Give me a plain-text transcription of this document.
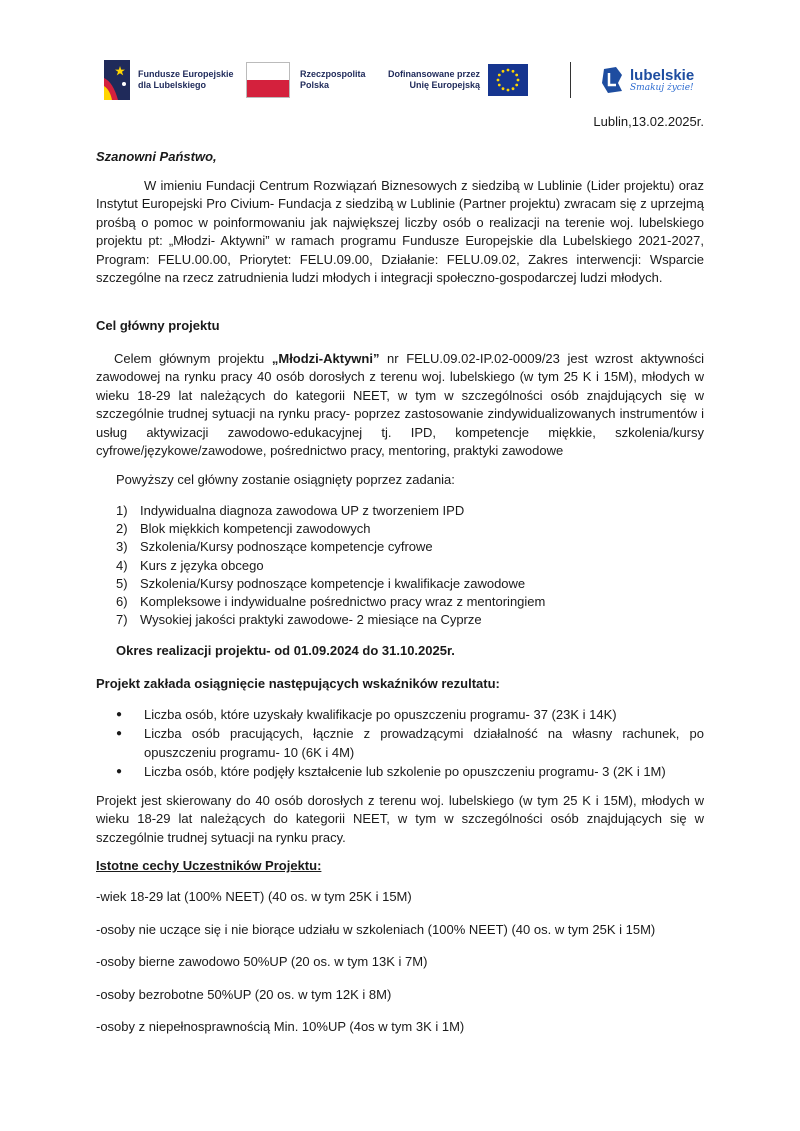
Fundusze Europejskie
dla Lubelskiego
Rzeczpospolita
Polska
Dofinansowane przez
Unię Europejską
lubelskie
Smakuj życie!
Lublin,13.02.2025r.
Szanowni Państwo,

W imieniu Fundacji Centrum Rozwiązań Biznesowych z siedzibą w Lublinie (Lider projektu) oraz Instytut Europejski Pro Civium- Fundacja z siedzibą w Lublinie (Partner projektu) zwracam się z uprzejmą prośbą o pomoc w poinformowaniu jak największej liczby osób o realizacji na terenie woj. lubelskiego projektu pt: „Młodzi- Aktywni” w ramach programu Fundusze Europejskie dla Lubelskiego 2021-2027, Program: FELU.00.00, Priorytet: FELU.09.00, Działanie: FELU.09.02, Zakres interwencji: Wsparcie szczególne na rzecz zatrudnienia ludzi młodych i integracji społeczno-gospodarczej ludzi młodych.

Cel główny projektu

Celem głównym projektu „Młodzi-Aktywni” nr FELU.09.02-IP.02-0009/23 jest wzrost aktywności zawodowej na rynku pracy 40 osób dorosłych z terenu woj. lubelskiego (w tym 25 K i 15M), młodych w wieku 18-29 lat należących do kategorii NEET, w tym w szczególności osób znajdujących się w szczególnie trudnej sytuacji na rynku pracy- poprzez zastosowanie zindywidualizowanych instrumentów i usług aktywizacji zawodowo-edukacyjnej tj. IPD, kompetencje miękkie, szkolenia/kursy cyfrowe/językowe/zawodowe, pośrednictwo pracy, mentoring, praktyki zawodowe

Powyższy cel główny zostanie osiągnięty poprzez zadania:
1) Indywidualna diagnoza zawodowa UP z tworzeniem IPD
2) Blok miękkich kompetencji zawodowych
3) Szkolenia/Kursy podnoszące kompetencje cyfrowe
4) Kurs z języka obcego
5) Szkolenia/Kursy podnoszące kompetencje i kwalifikacje zawodowe
6) Kompleksowe i indywidualne pośrednictwo pracy wraz z mentoringiem
7) Wysokiej jakości praktyki zawodowe- 2 miesiące na Cyprze
Okres realizacji projektu- od 01.09.2024 do 31.10.2025r.
Projekt zakłada osiągnięcie następujących wskaźników rezultatu:
●	Liczba osób, które uzyskały kwalifikacje po opuszczeniu programu- 37 (23K i 14K)
●	Liczba osób pracujących, łącznie z prowadzącymi działalność na własny rachunek, po opuszczeniu programu- 10 (6K i 4M)
●	Liczba osób, które podjęły kształcenie lub szkolenie po opuszczeniu programu- 3 (2K i 1M)

Projekt jest skierowany do 40 osób dorosłych z terenu woj. lubelskiego (w tym 25 K i 15M), młodych w wieku 18-29 lat należących do kategorii NEET, w tym w szczególności osób znajdujących się w szczególnie trudnej sytuacji na rynku pracy.

Istotne cechy Uczestników Projektu:
-wiek 18-29 lat (100% NEET) (40 os. w tym 25K i 15M)
-osoby nie uczące się i nie biorące udziału w szkoleniach (100% NEET) (40 os. w tym 25K i 15M)
-osoby bierne zawodowo 50%UP (20 os. w tym 13K i 7M)
-osoby bezrobotne 50%UP (20 os. w tym 12K i 8M)
-osoby z niepełnosprawnością Min. 10%UP (4os w tym 3K i 1M)
